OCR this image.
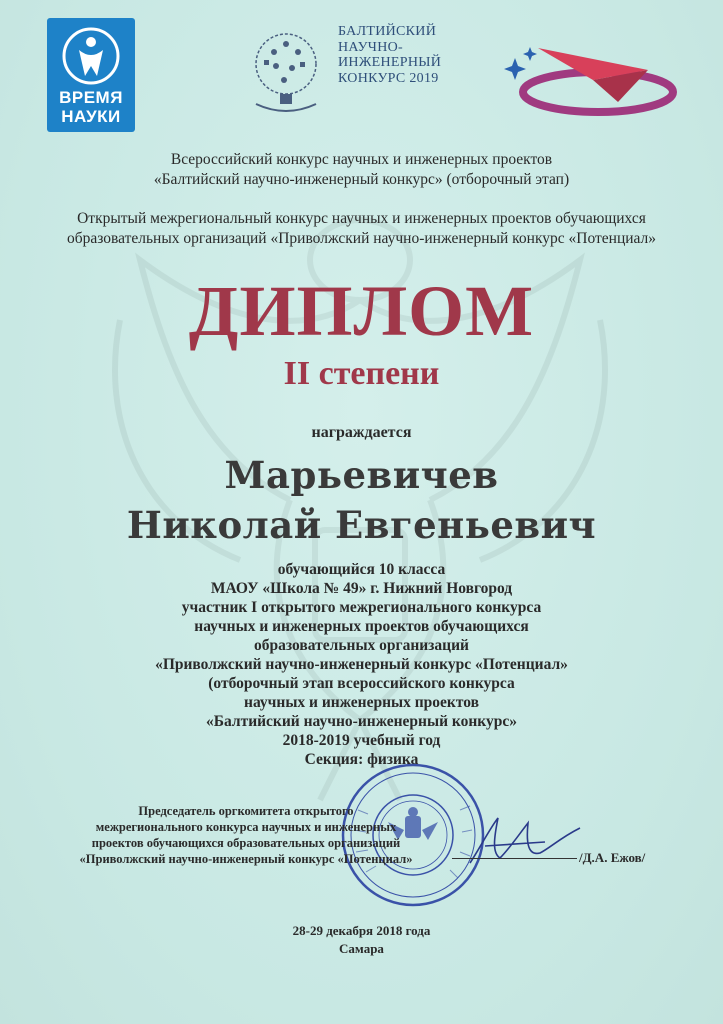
ВРЕМЯ
НАУКИ
БАЛТИЙСКИЙ
НАУЧНО-
ИНЖЕНЕРНЫЙ
КОНКУРС 2019
Всероссийский конкурс научных и инженерных проектов
«Балтийский научно-инженерный конкурс» (отборочный этап)
Открытый межрегиональный конкурс научных и инженерных проектов обучающихся
образовательных организаций «Приволжский научно-инженерный конкурс «Потенциал»
ДИПЛОМ
II степени
награждается
Марьевичев
Николай Евгеньевич
обучающийся 10 класса
МАОУ «Школа № 49» г. Нижний Новгород
участник I открытого межрегионального конкурса
научных и инженерных проектов обучающихся
образовательных организаций
«Приволжский научно-инженерный конкурс «Потенциал»
(отборочный этап всероссийского конкурса
научных и инженерных проектов
«Балтийский научно-инженерный конкурс»
2018-2019 учебный год
Секция: физика
Председатель оргкомитета открытого
межрегионального конкурса научных и инженерных
проектов обучающихся образовательных организаций
«Приволжский научно-инженерный конкурс «Потенциал»	/Д.А. Ежов/
28-29 декабря 2018 года
Самара
